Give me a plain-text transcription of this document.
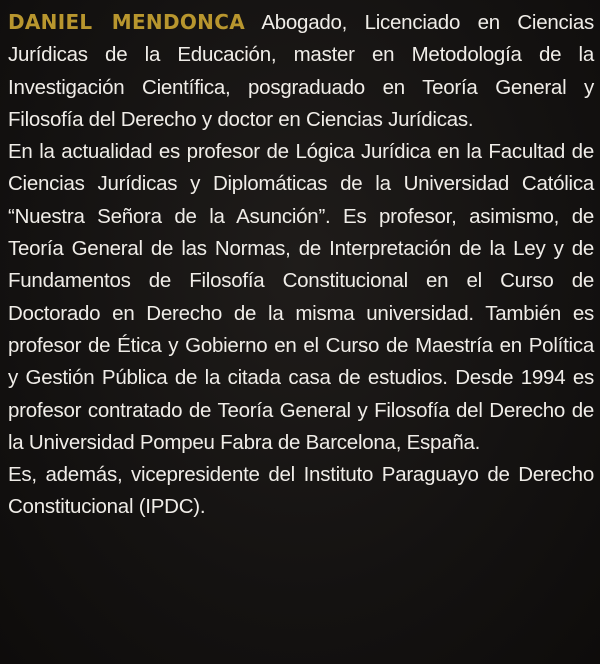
DANIEL MENDONCA Abogado, Licenciado en Ciencias Jurídicas de la Educación, master en Metodología de la Investigación Científica, posgraduado en Teoría General y Filosofía del Derecho y doctor en Ciencias Jurídicas.

En la actualidad es profesor de Lógica Jurídica en la Facultad de Ciencias Jurídicas y Diplomáticas de la Universidad Católica “Nuestra Señora de la Asunción”. Es profesor, asimismo, de Teoría General de las Normas, de Interpretación de la Ley y de Fundamentos de Filosofía Constitucional en el Curso de Doctorado en Derecho de la misma universidad. También es profesor de Ética y Gobierno en el Curso de Maestría en Política y Gestión Pública de la citada casa de estudios. Desde 1994 es profesor contratado de Teoría General y Filosofía del Derecho de la Universidad Pompeu Fabra de Barcelona, España.

Es, además, vicepresidente del Instituto Paraguayo de Derecho Constitucional (IPDC).
